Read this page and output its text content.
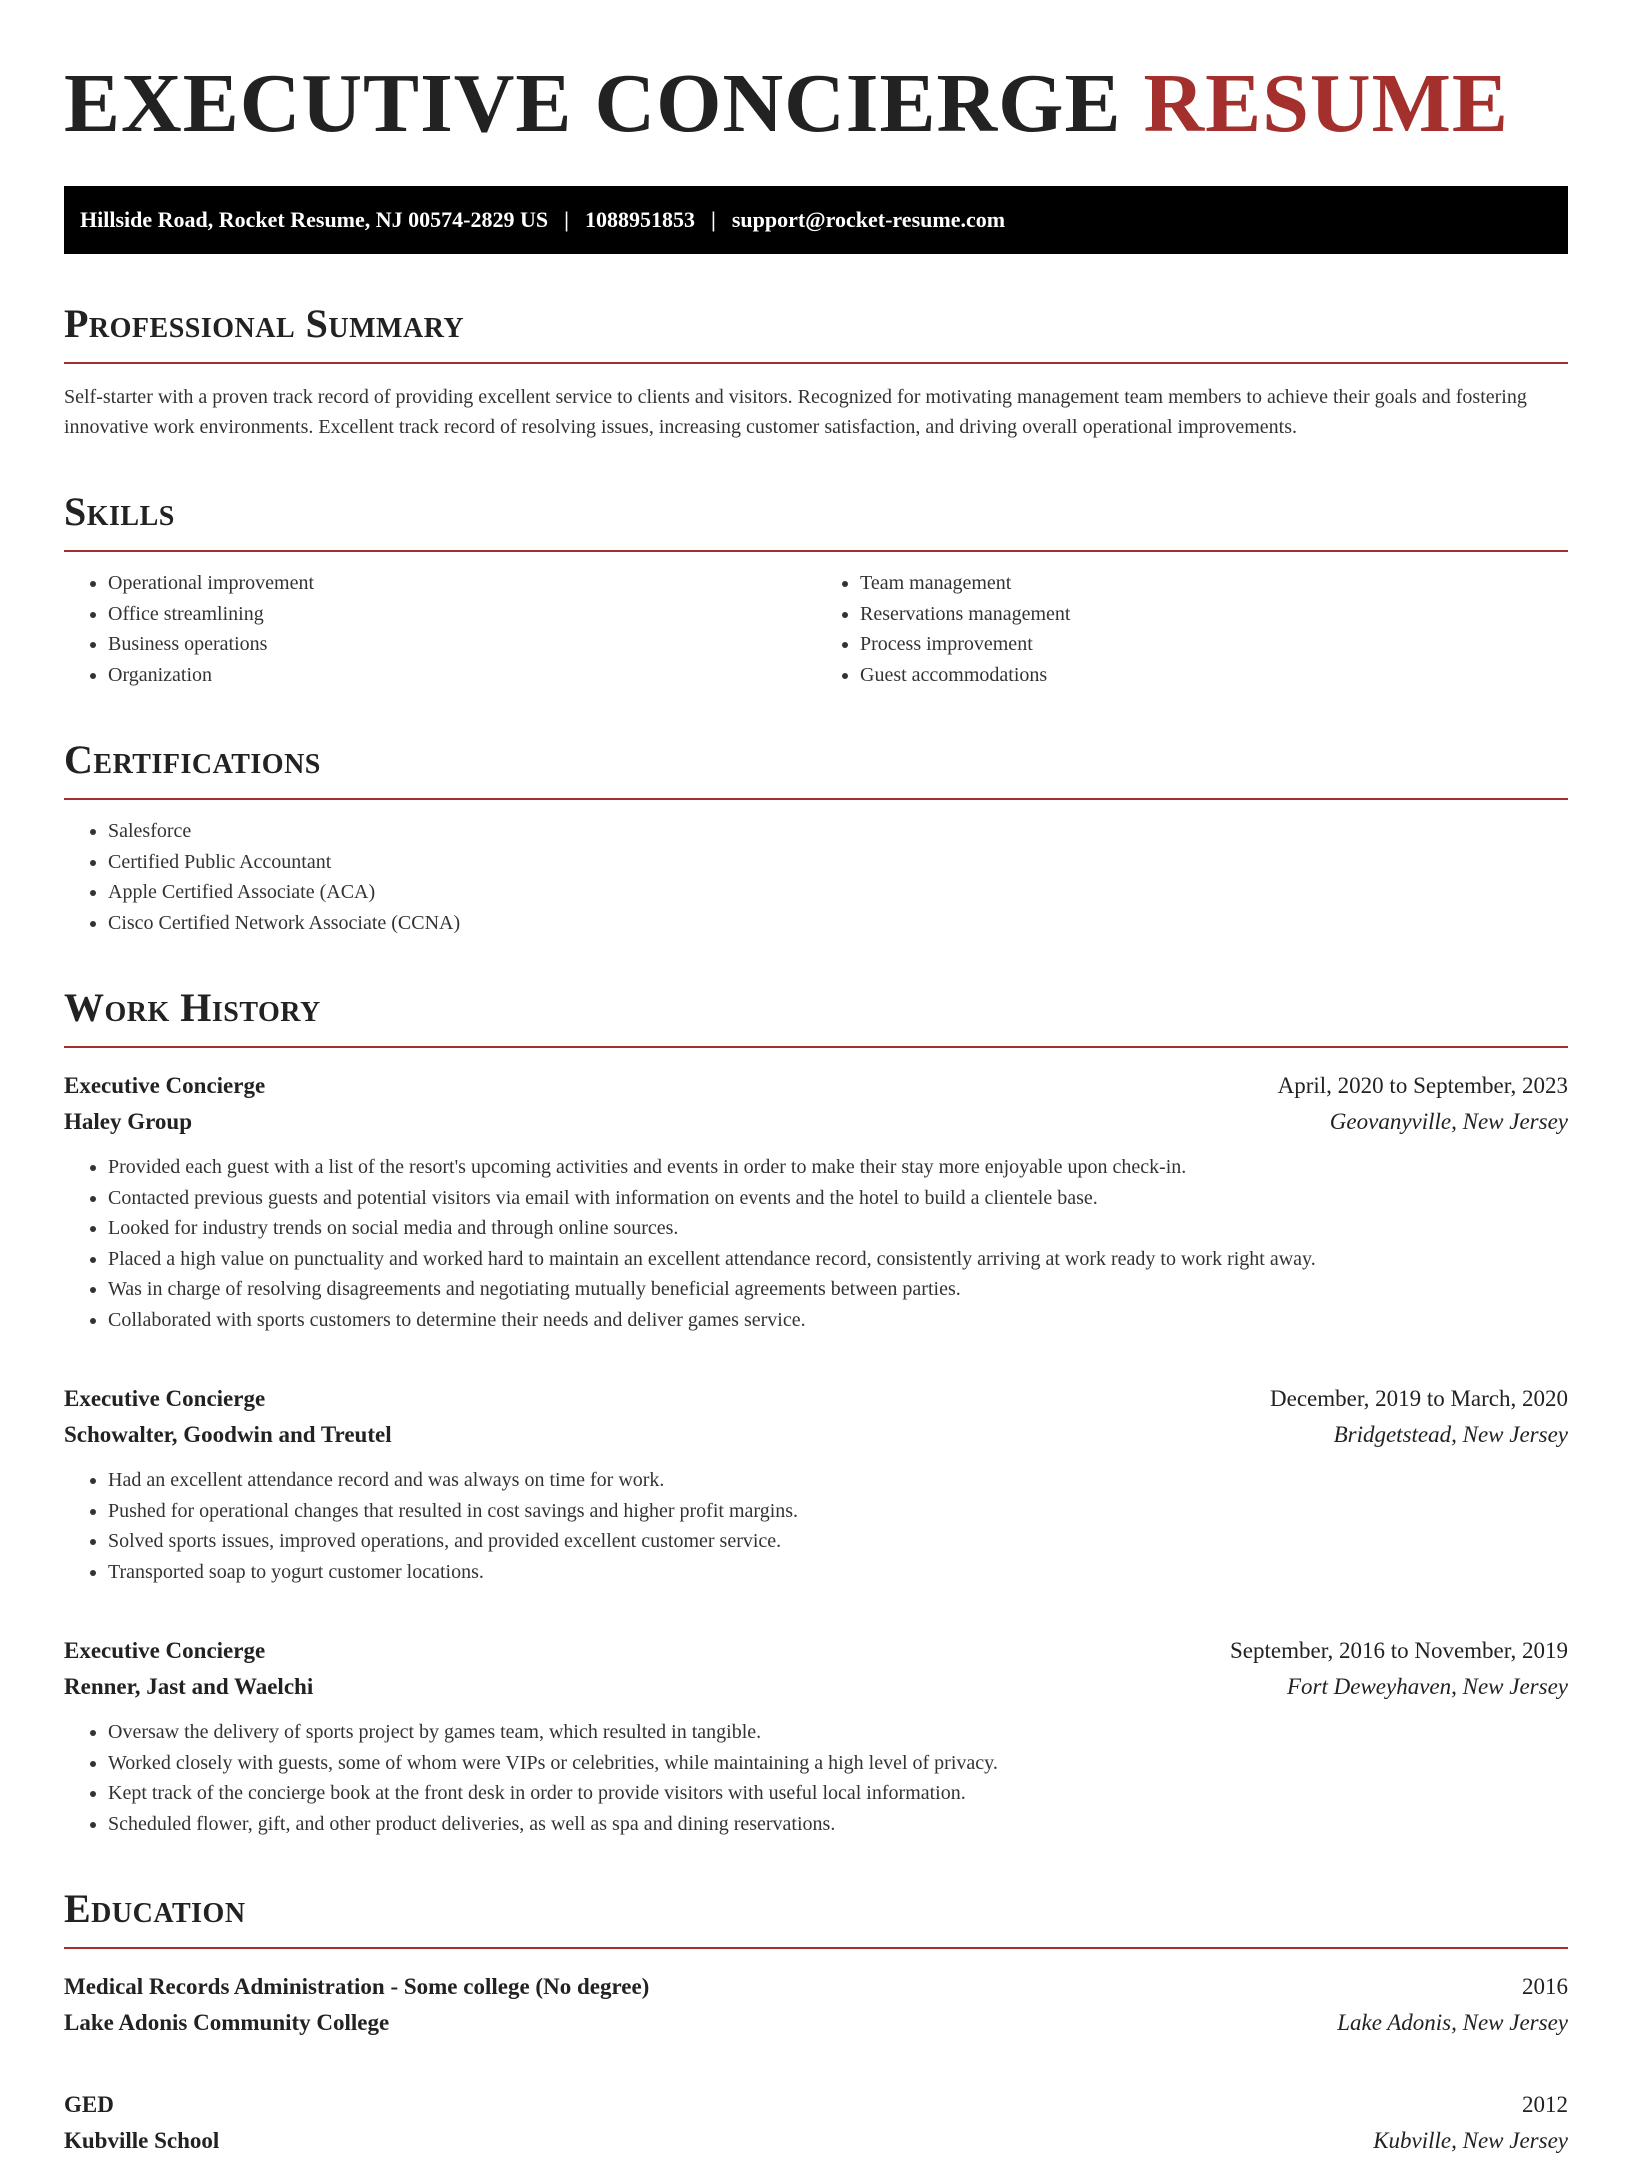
EXECUTIVE CONCIERGE RESUME
Hillside Road, Rocket Resume, NJ 00574-2829 US | 1088951853 | support@rocket-resume.com
Professional Summary

Self-starter with a proven track record of providing excellent service to clients and visitors. Recognized for motivating management team members to achieve their goals and fostering innovative work environments. Excellent track record of resolving issues, increasing customer satisfaction, and driving overall operational improvements.

Skills
• Operational improvement
• Office streamlining
• Business operations
• Organization
• Team management
• Reservations management
• Process improvement
• Guest accommodations
Certifications
• Salesforce
• Certified Public Accountant
• Apple Certified Associate (ACA)
• Cisco Certified Network Associate (CCNA)
Work History
Executive Concierge	April, 2020 to September, 2023
Haley Group	Geovanyville, New Jersey
• Provided each guest with a list of the resort's upcoming activities and events in order to make their stay more enjoyable upon check-in.
• Contacted previous guests and potential visitors via email with information on events and the hotel to build a clientele base.
• Looked for industry trends on social media and through online sources.
• Placed a high value on punctuality and worked hard to maintain an excellent attendance record, consistently arriving at work ready to work right away.
• Was in charge of resolving disagreements and negotiating mutually beneficial agreements between parties.
• Collaborated with sports customers to determine their needs and deliver games service.
Executive Concierge	December, 2019 to March, 2020
Schowalter, Goodwin and Treutel	Bridgetstead, New Jersey
• Had an excellent attendance record and was always on time for work.
• Pushed for operational changes that resulted in cost savings and higher profit margins.
• Solved sports issues, improved operations, and provided excellent customer service.
• Transported soap to yogurt customer locations.
Executive Concierge	September, 2016 to November, 2019
Renner, Jast and Waelchi	Fort Deweyhaven, New Jersey
• Oversaw the delivery of sports project by games team, which resulted in tangible.
• Worked closely with guests, some of whom were VIPs or celebrities, while maintaining a high level of privacy.
• Kept track of the concierge book at the front desk in order to provide visitors with useful local information.
• Scheduled flower, gift, and other product deliveries, as well as spa and dining reservations.
Education
Medical Records Administration - Some college (No degree)	2016
Lake Adonis Community College	Lake Adonis, New Jersey
GED	2012
Kubville School	Kubville, New Jersey
